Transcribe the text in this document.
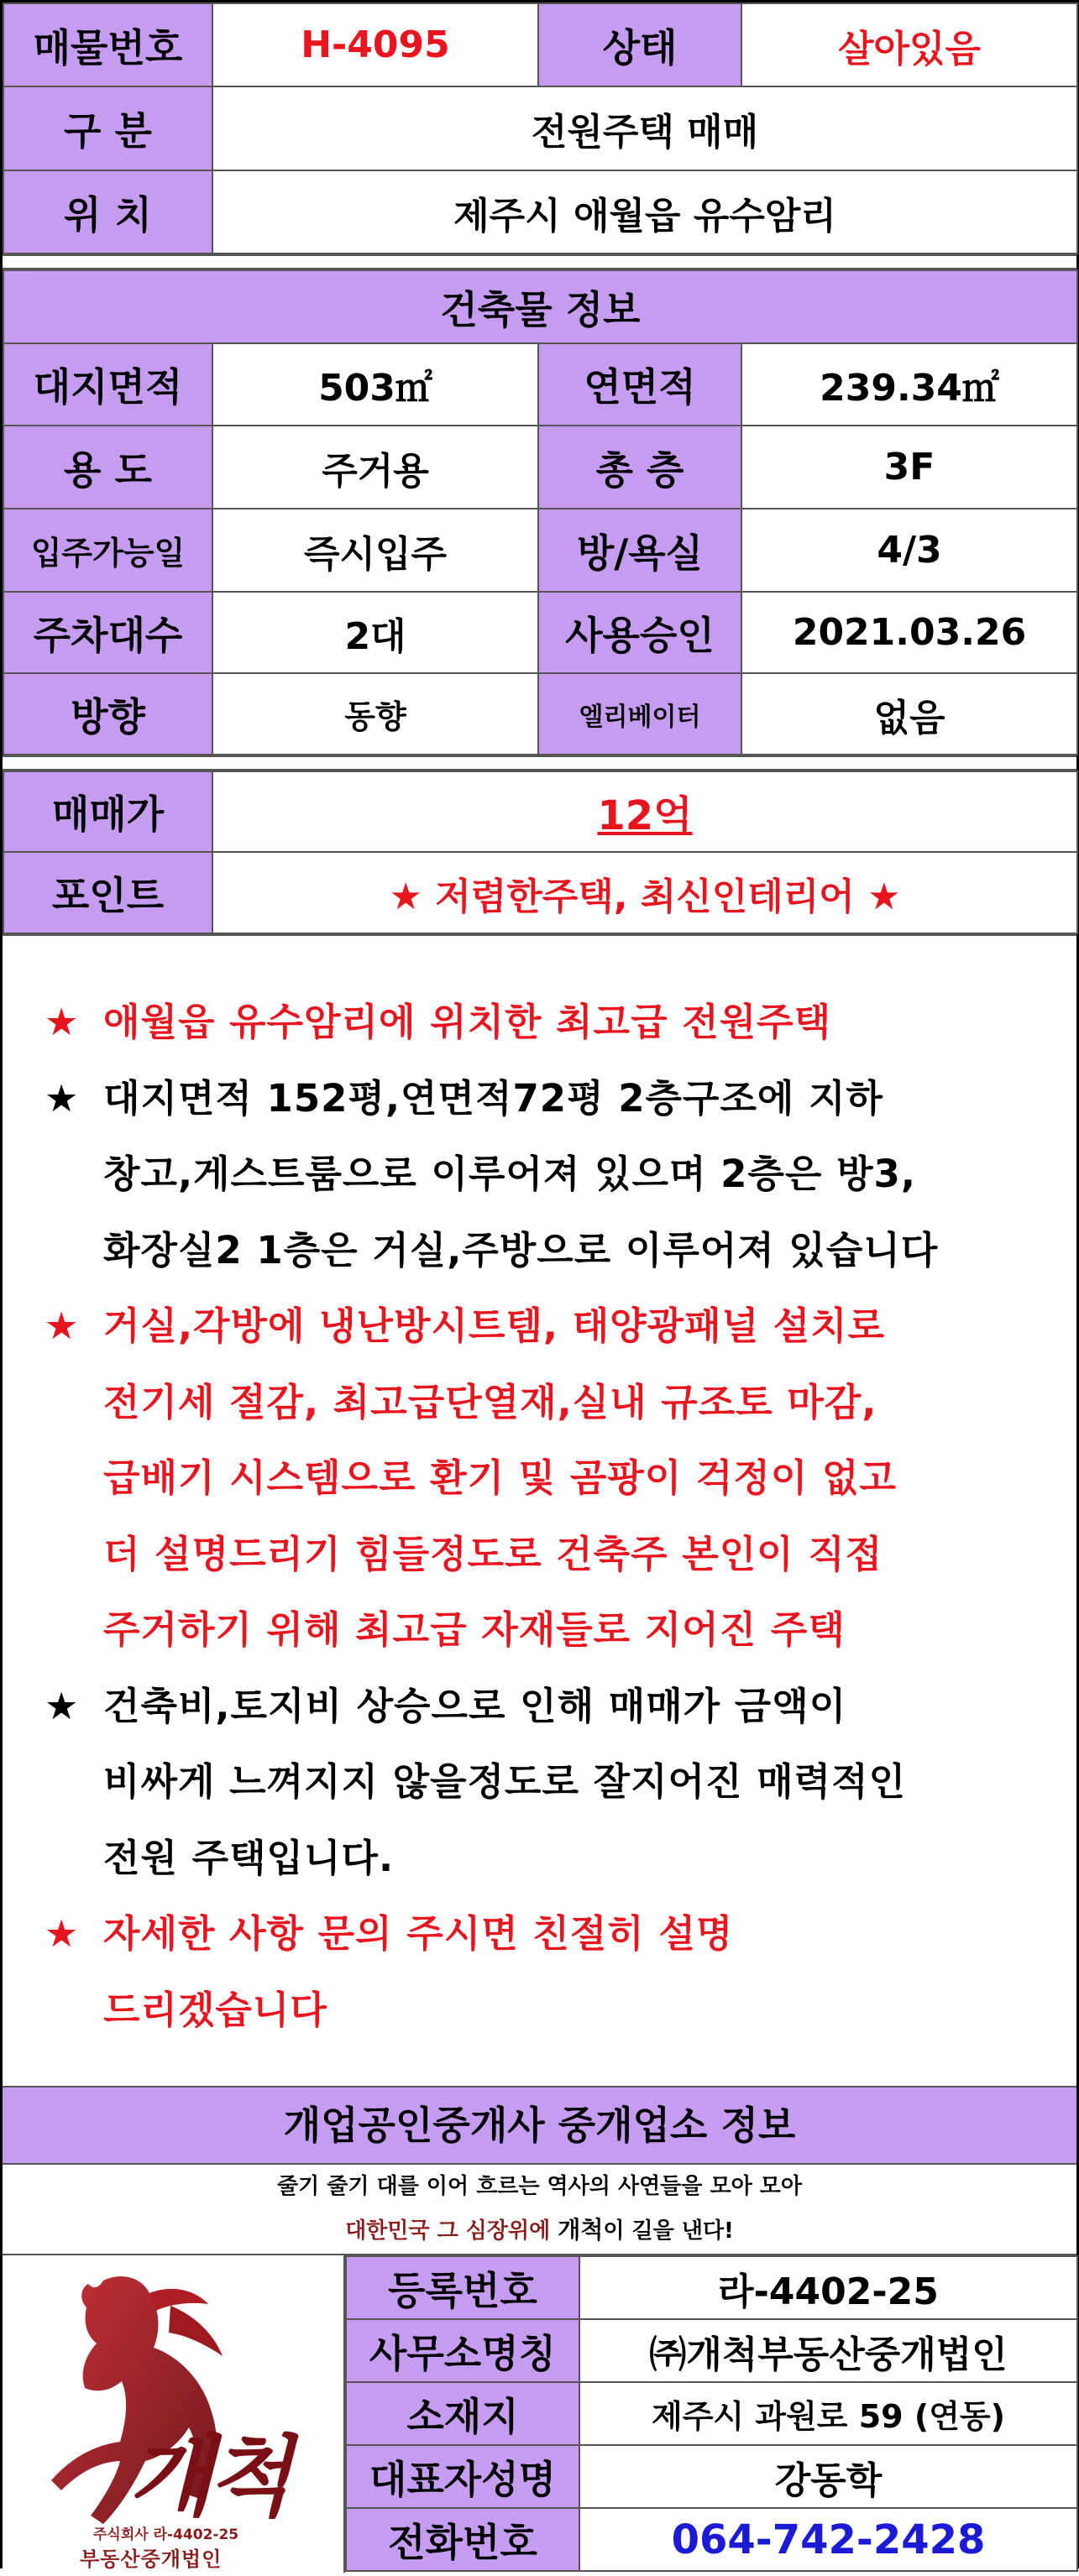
매물번호	H-4095	상태	살아있음
구 분	전원주택 매매		
위 치	제주시 애월읍 유수암리		
건축물 정보			
대지면적	503㎡	연면적	239.34㎡
용 도	주거용	총 층	3F
입주가능일	즉시입주	방/욕실	4/3
주차대수	2대	사용승인	2021.03.26
방향	동향	엘리베이터	없음
매매가	12억
포인트	★ 저렴한주택, 최신인테리어 ★
★ 애월읍 유수암리에 위치한 최고급 전원주택
★ 대지면적 152평,연면적72평 2층구조에 지하
창고,게스트룸으로 이루어져 있으며 2층은 방3,
화장실2 1층은 거실,주방으로 이루어져 있습니다
★ 거실,각방에 냉난방시트템, 태양광패널 설치로
전기세 절감, 최고급단열재,실내 규조토 마감,
급배기 시스템으로 환기 및 곰팡이 걱정이 없고
더 설명드리기 힘들정도로 건축주 본인이 직접
주거하기 위해 최고급 자재들로 지어진 주택
★ 건축비,토지비 상승으로 인해 매매가 금액이
비싸게 느껴지지 않을정도로 잘지어진 매력적인
전원 주택입니다.
★ 자세한 사항 문의 주시면 친절히 설명
드리겠습니다
개업공인중개사 중개업소 정보
줄기 줄기 대를 이어 흐르는 역사의 사연들을 모아 모아
대한민국 그 심장위에 개척이 길을 낸다!
개척
주식회사 라-4402-25
부동산중개법인
등록번호	라-4402-25
사무소명칭	㈜개척부동산중개법인
소재지	제주시 과원로 59 (연동)
대표자성명	강동학
전화번호	064-742-2428
